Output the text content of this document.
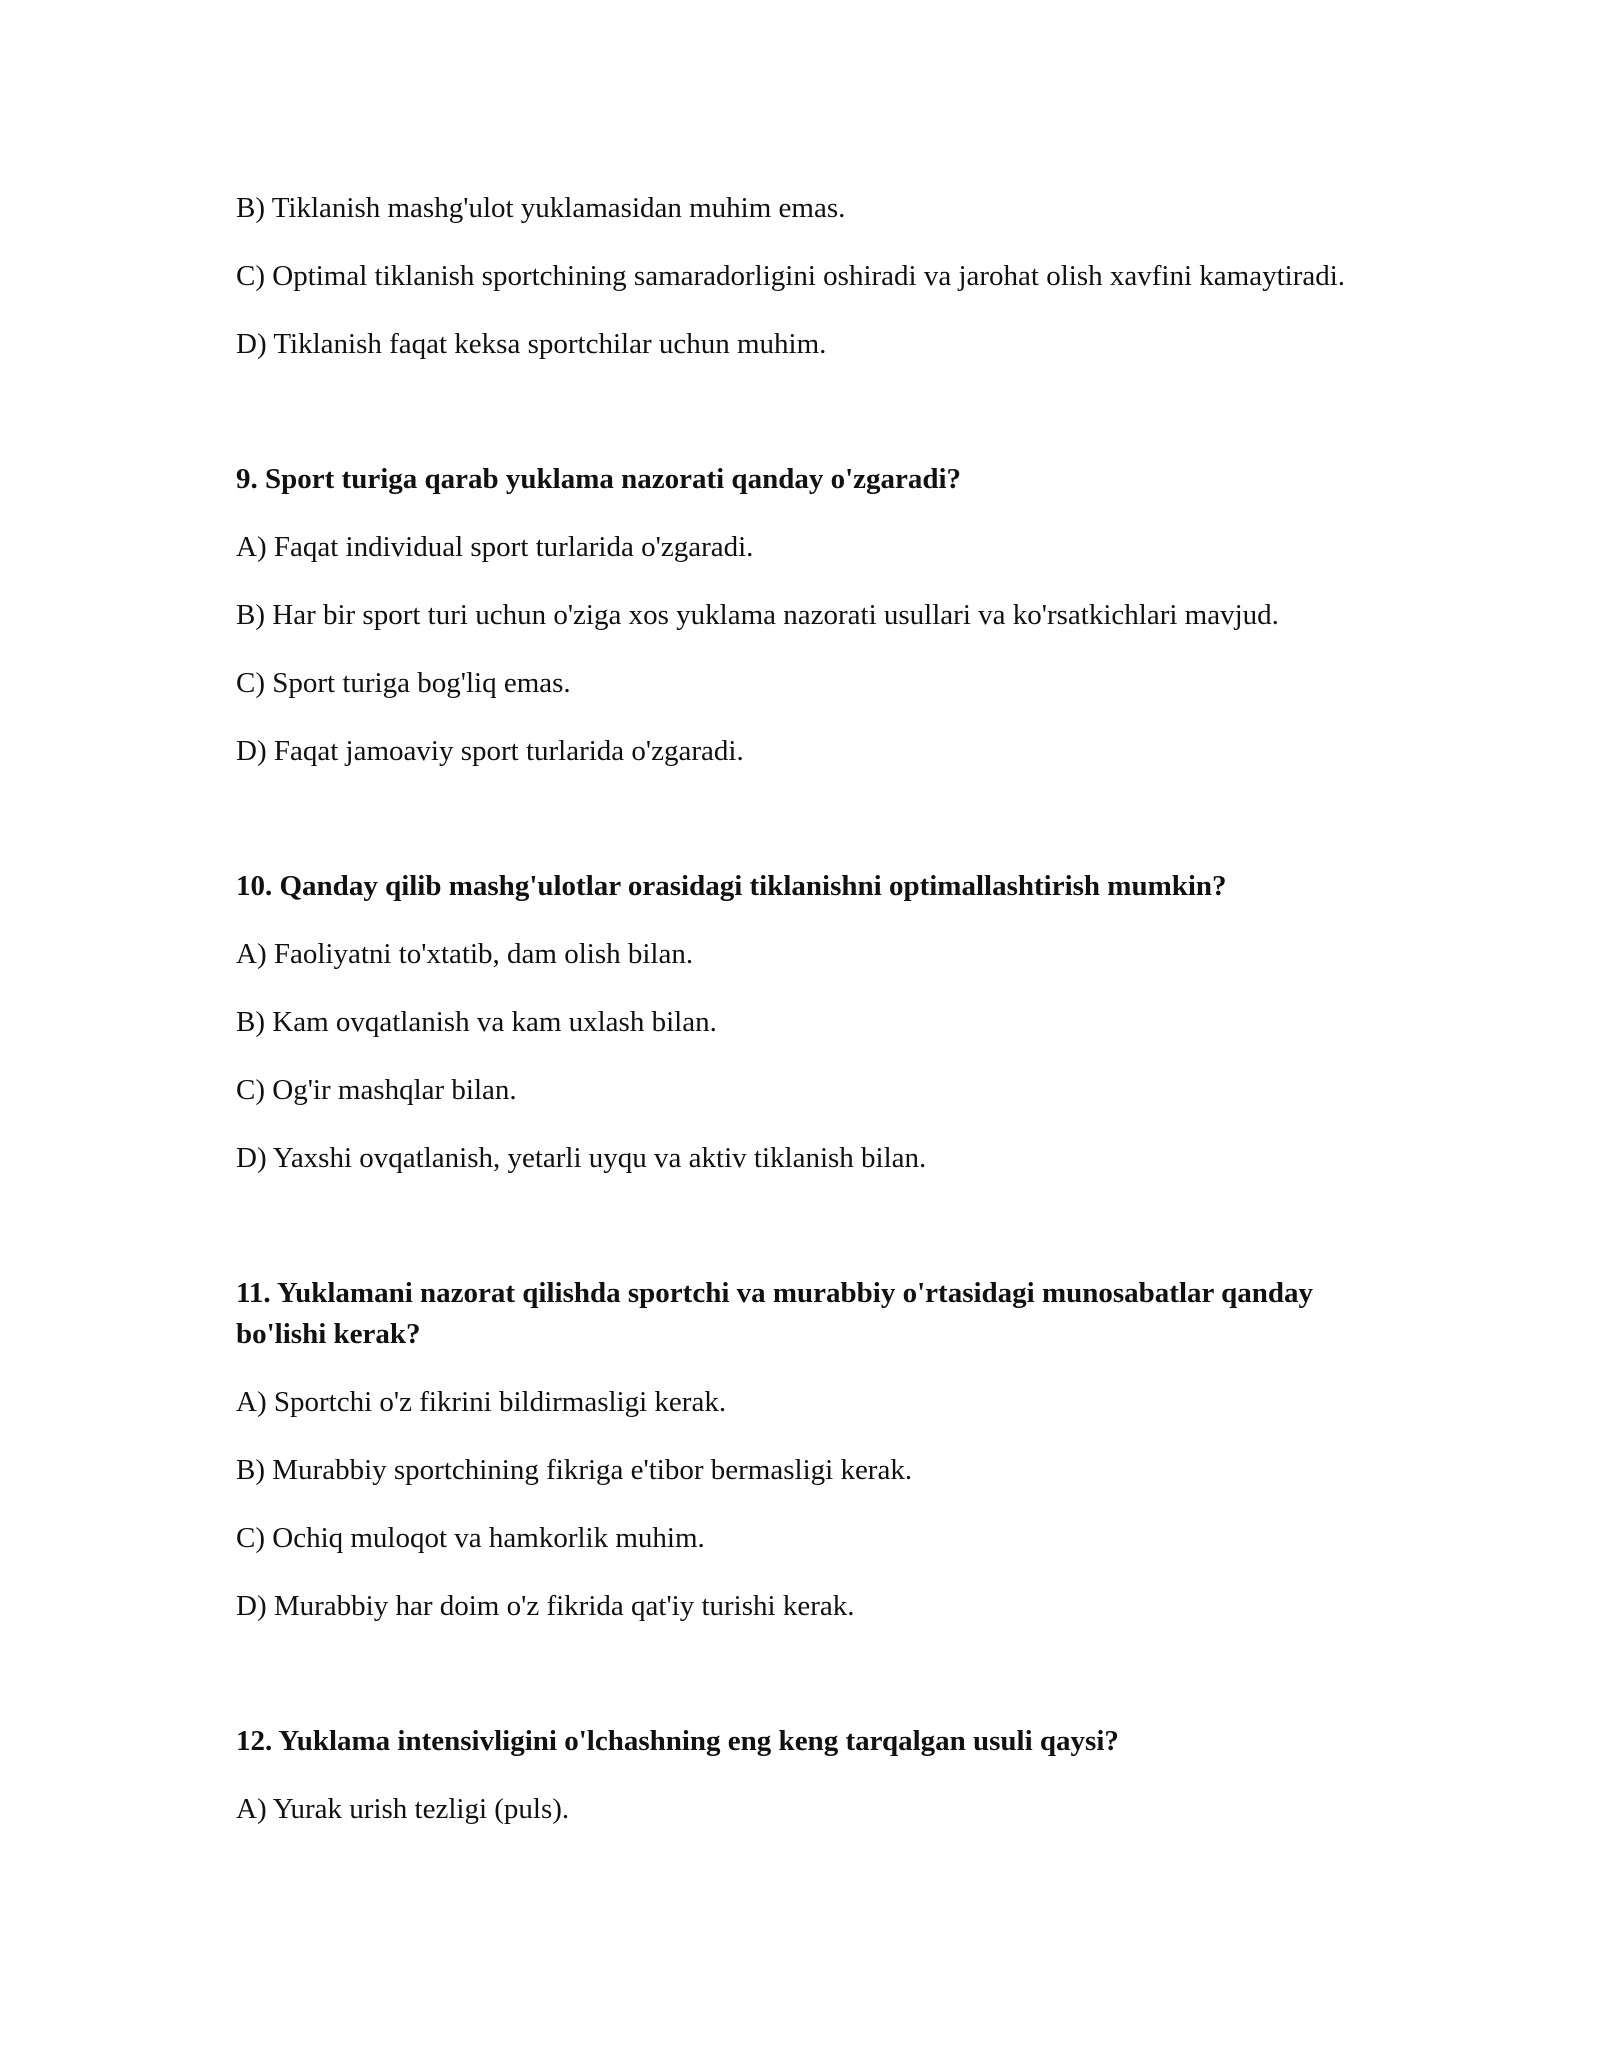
B) Tiklanish mashg'ulot yuklamasidan muhim emas.

C) Optimal tiklanish sportchining samaradorligini oshiradi va jarohat olish xavfini kamaytiradi.

D) Tiklanish faqat keksa sportchilar uchun muhim.

9. Sport turiga qarab yuklama nazorati qanday o'zgaradi?

A) Faqat individual sport turlarida o'zgaradi.

B) Har bir sport turi uchun o'ziga xos yuklama nazorati usullari va ko'rsatkichlari mavjud.

C) Sport turiga bog'liq emas.

D) Faqat jamoaviy sport turlarida o'zgaradi.

10. Qanday qilib mashg'ulotlar orasidagi tiklanishni optimallashtirish mumkin?

A) Faoliyatni to'xtatib, dam olish bilan.

B) Kam ovqatlanish va kam uxlash bilan.

C) Og'ir mashqlar bilan.

D) Yaxshi ovqatlanish, yetarli uyqu va aktiv tiklanish bilan.

11. Yuklamani nazorat qilishda sportchi va murabbiy o'rtasidagi munosabatlar qanday bo'lishi kerak?

A) Sportchi o'z fikrini bildirmasligi kerak.

B) Murabbiy sportchining fikriga e'tibor bermasligi kerak.

C) Ochiq muloqot va hamkorlik muhim.

D) Murabbiy har doim o'z fikrida qat'iy turishi kerak.

12. Yuklama intensivligini o'lchashning eng keng tarqalgan usuli qaysi?

A) Yurak urish tezligi (puls).
